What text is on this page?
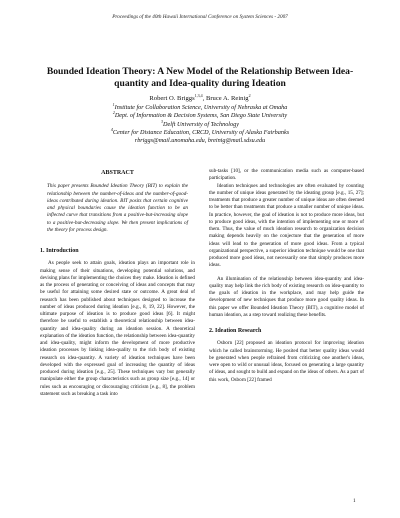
Proceedings of the 40th Hawaii International Conference on System Sciences - 2007
Bounded Ideation Theory: A New Model of the Relationship Between Idea-quantity and Idea-quality during Ideation
Robert O. Briggs$^{1,3,4}$, Bruce A. Reinig$^2$
$^1$Institute for Collaboration Science, University of Nebraska at Omaha
$^2$Dept. of Information & Decision Systems, San Diego State University
$^3$Delft University of Technology
$^4$Center for Distance Education, CRCD, University of Alaska Fairbanks
rbriggs@mail.unomaha.edu, breinig@mail.sdsu.edu
ABSTRACT
This paper presents Bounded Ideation Theory (BIT) to explain the relationship between the number-of-ideas and the number-of-good-ideas contributed during ideation. BIT posits that certain cognitive and physical boundaries cause the ideation function to be an inflected curve that transitions from a positive-but-increasing slope to a positive-but-decreasing slope. We then present implications of the theory for process design.
1. Introduction
As people seek to attain goals, ideation plays an important role in making sense of their situations, developing potential solutions, and devising plans for implementing the choices they make. Ideation is defined as the process of generating or conceiving of ideas and concepts that may be useful for attaining some desired state or outcome. A great deal of research has been published about techniques designed to increase the number of ideas produced during ideation [e.g., 8, 19, 22]. However, the ultimate purpose of ideation is to produce good ideas [6]. It might therefore be useful to establish a theoretical relationship between idea-quantity and idea-quality during an ideation session. A theoretical explanation of the ideation function, the relationship between idea-quantity and idea-quality, might inform the development of more productive ideation processes by linking idea-quality to the rich body of existing research on idea-quantity. A variety of ideation techniques have been developed with the expressed goal of increasing the quantity of ideas produced during ideation [e.g., 25]. These techniques vary but generally manipulate either the group characteristics such as group size [e.g., 14] or rules such as encouraging or discouraging criticism [e.g., 8], the problem statement such as breaking a task into
sub-tasks [10], or the communication media such as computer-based participation.
Ideation techniques and technologies are often evaluated by counting the number of unique ideas generated by the ideating group [e.g., 15, 27]; treatments that produce a greater number of unique ideas are often deemed to be better than treatments that produce a smaller number of unique ideas. In practice, however, the goal of ideation is not to produce more ideas, but to produce good ideas, with the intention of implementing one or more of them. Thus, the value of much ideation research to organization decision making depends heavily on the conjecture that the generation of more ideas will lead to the generation of more good ideas. From a typical organizational perspective, a superior ideation technique would be one that produced more good ideas, not necessarily one that simply produces more ideas.
An illumination of the relationship between idea-quantity and idea-quality may help link the rich body of existing research on idea-quantity to the goals of ideation in the workplace, and may help guide the development of new techniques that produce more good quality ideas. In this paper we offer Bounded Ideation Theory (BIT), a cognitive model of human ideation, as a step toward realizing these benefits.
2. Ideation Research
Osborn [22] proposed an ideation protocol for improving ideation which he called brainstorming. He posited that better quality ideas would be generated when people refrained from criticizing one another's ideas, were open to wild or unusual ideas, focused on generating a large quantity of ideas, and sought to build and expand on the ideas of others. As a part of this work, Osborn [22] framed
1
